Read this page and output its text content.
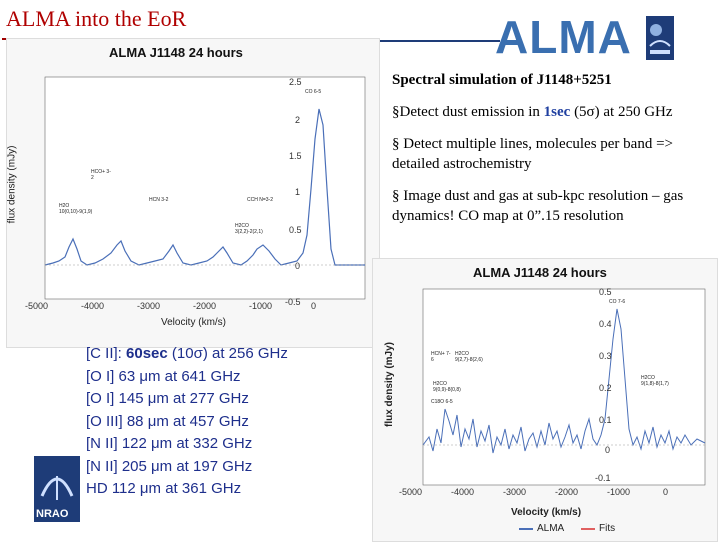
ALMA into the EoR	ALMA
ALMA J1148 24 hours
flux density (mJy)
Velocity (km/s)
-5000	-4000	-3000	-2000	-1000	0
2.5
2
1.5
1
0.5
0
-0.5
CO
HCO+
HCN	CCH
HCO+ 3-2
H2O 10(0,10)-9(1,9)
HCN 3-2	CCH N=3-2
H2CO 3(2,2)-2(2,1)
CO 6-5

Spectral simulation of J1148+5251

§Detect dust emission in 1sec (5σ) at 250 GHz

§ Detect multiple lines, molecules per band => detailed astrochemistry

§ Image dust and gas at sub-kpc resolution – gas dynamics! CO map at 0”.15 resolution

ALMA J1148 24 hours
flux density (mJy)
Velocity (km/s)
-5000	-4000	-3000	-2000	-1000	0
0.5
0.4
0.3
0.2
0.1
0
-0.1
HCN+ 7-6
H2CO 9(2,7)-8(2,6)
C18O 6-5
H2CO 9(0,9)-8(0,8)
H2CO 9(1,8)-8(1,7)
CO 7-6
ALMA	Fits
[C II]: 60sec (10σ) at 256 GHz
[O I] 63 μm at 641 GHz
[O I] 145 μm at 277 GHz
[O III] 88 μm at 457 GHz
[N II] 122 μm at 332 GHz
[N II] 205 μm at 197 GHz
HD 112 μm at 361 GHz
NRAO
